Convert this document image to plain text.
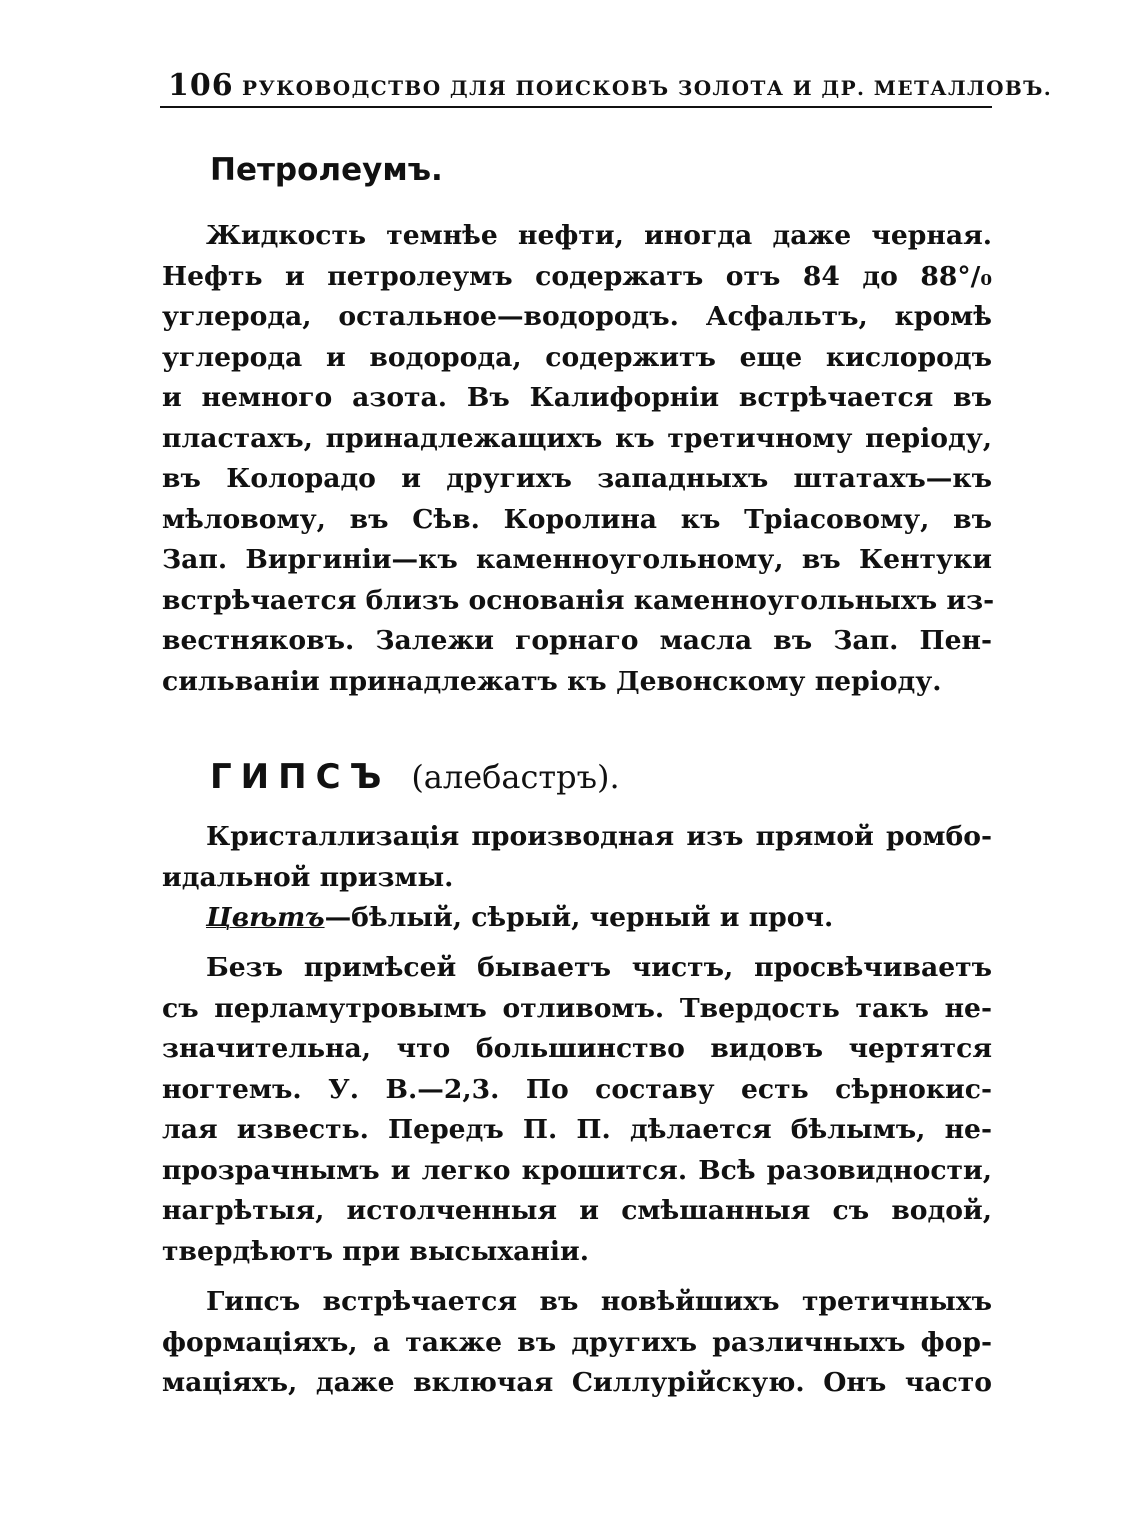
106 РУКОВОДСТВО ДЛЯ ПОИСКОВЪ ЗОЛОТА И ДР. МЕТАЛЛОВЪ.
Петролеумъ.
Жидкость темнѣе нефти, иногда даже черная.
Нефть и петролеумъ содержатъ отъ 84 до 88°/₀
углерода, остальное—водородъ. Асфальтъ, кромѣ
углерода и водорода, содержитъ еще кислородъ
и немного азота. Въ Калифорніи встрѣчается въ
пластахъ, принадлежащихъ къ третичному періоду,
въ Колорадо и другихъ западныхъ штатахъ—къ
мѣловому, въ Сѣв. Королина къ Тріасовому, въ
Зап. Виргиніи—къ каменноугольному, въ Кентуки
встрѣчается близъ основанія каменноугольныхъ из-
вестняковъ. Залежи горнаго масла въ Зап. Пен-
сильваніи принадлежатъ къ Девонскому періоду.
ГИПСЪ (алебастръ).
Кристаллизація производная изъ прямой ромбо-
идальной призмы.
Цвѣтъ—бѣлый, сѣрый, черный и проч.
Безъ примѣсей бываетъ чистъ, просвѣчиваетъ
съ перламутровымъ отливомъ. Твердость такъ не-
значительна, что большинство видовъ чертятся
ногтемъ. У. В.—2,3. По составу есть сѣрнокис-
лая известь. Передъ П. П. дѣлается бѣлымъ, не-
прозрачнымъ и легко крошится. Всѣ разовидности,
нагрѣтыя, истолченныя и смѣшанныя съ водой,
твердѣютъ при высыханіи.
Гипсъ встрѣчается въ новѣйшихъ третичныхъ
формаціяхъ, а также въ другихъ различныхъ фор-
маціяхъ, даже включая Силлурійскую. Онъ часто
